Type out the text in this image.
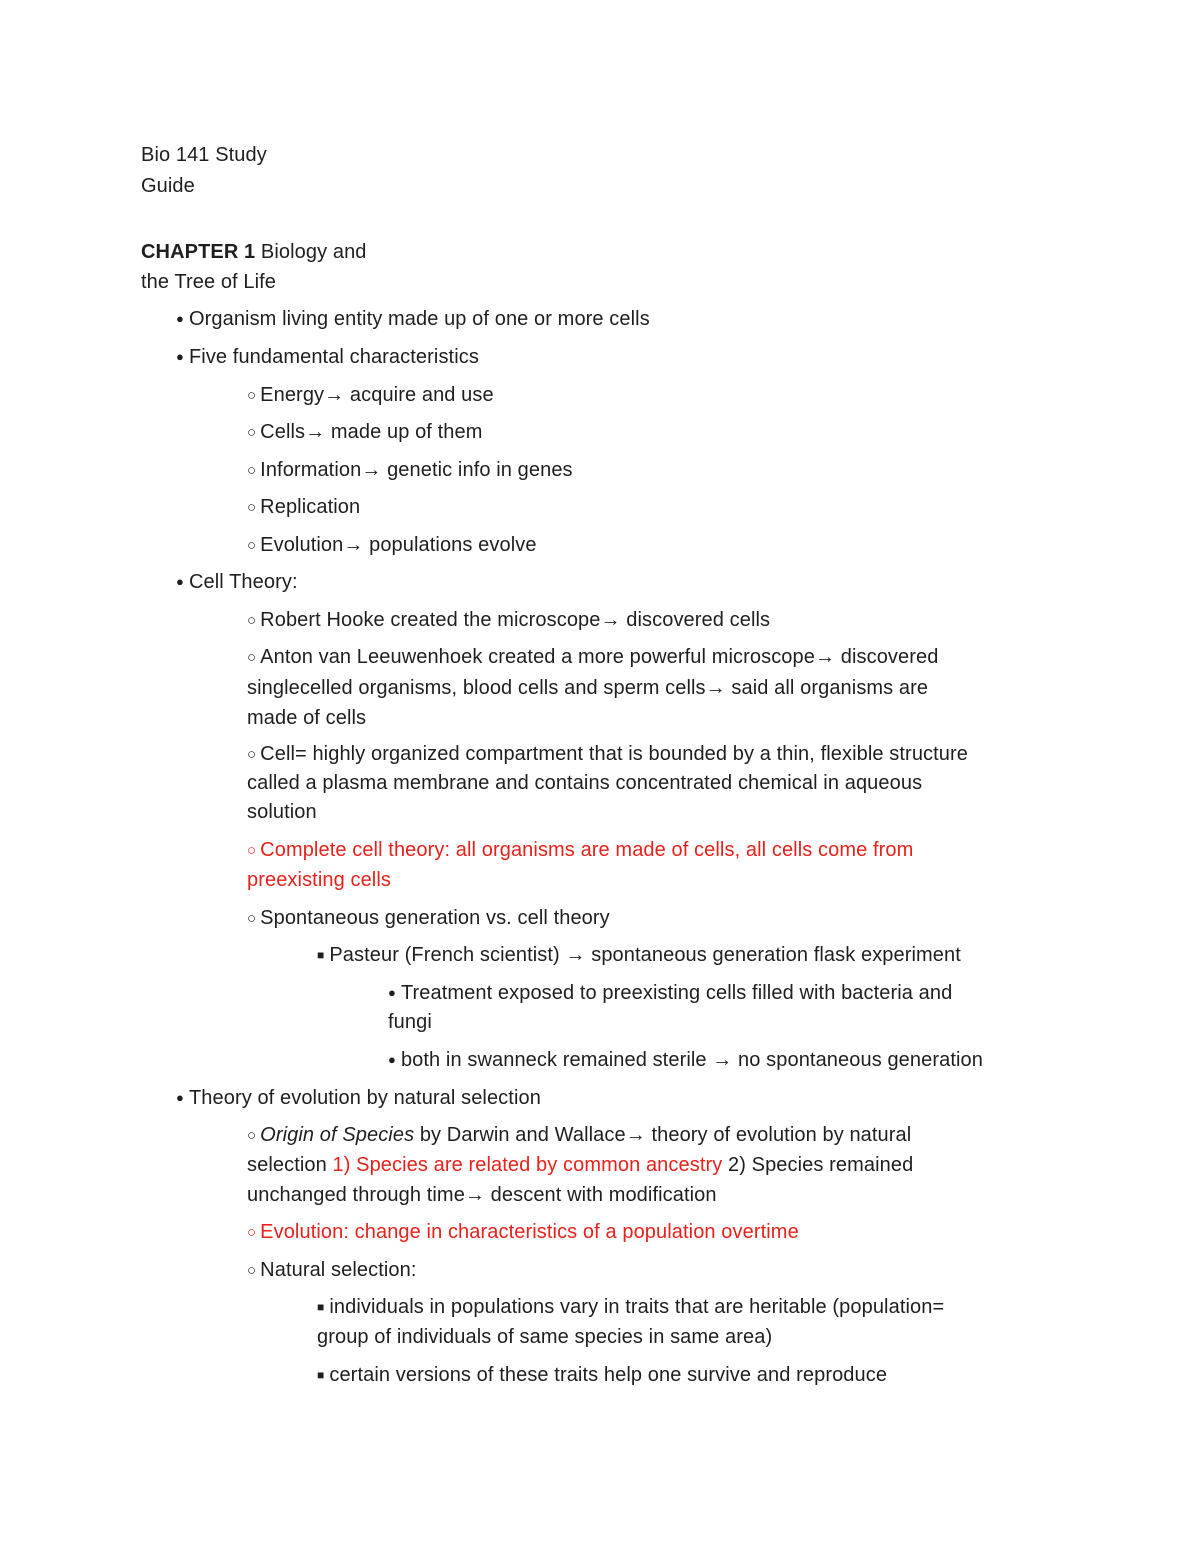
Bio 141 Study
Guide
CHAPTER 1 Biology and
the Tree of Life
● Organism living entity made up of one or more cells
● Five fundamental characteristics
○ Energy→ acquire and use
○ Cells→ made up of them
○ Information→ genetic info in genes
○ Replication
○ Evolution→ populations evolve
● Cell Theory:
○ Robert Hooke created the microscope→ discovered cells
○ Anton van Leeuwenhoek created a more powerful microscope→ discovered
singlecelled organisms, blood cells and sperm cells→ said all organisms are
made of cells
○ Cell= highly organized compartment that is bounded by a thin, flexible structure
called a plasma membrane and contains concentrated chemical in aqueous
solution
○ Complete cell theory: all organisms are made of cells, all cells come from
preexisting cells
○ Spontaneous generation vs. cell theory
■ Pasteur (French scientist) → spontaneous generation flask experiment
● Treatment exposed to preexisting cells filled with bacteria and
fungi
● both in swanneck remained sterile → no spontaneous generation
● Theory of evolution by natural selection
○ Origin of Species by Darwin and Wallace→ theory of evolution by natural
selection 1) Species are related by common ancestry 2) Species remained
unchanged through time→ descent with modification
○ Evolution: change in characteristics of a population overtime
○ Natural selection:
■ individuals in populations vary in traits that are heritable (population=
group of individuals of same species in same area)
■ certain versions of these traits help one survive and reproduce
